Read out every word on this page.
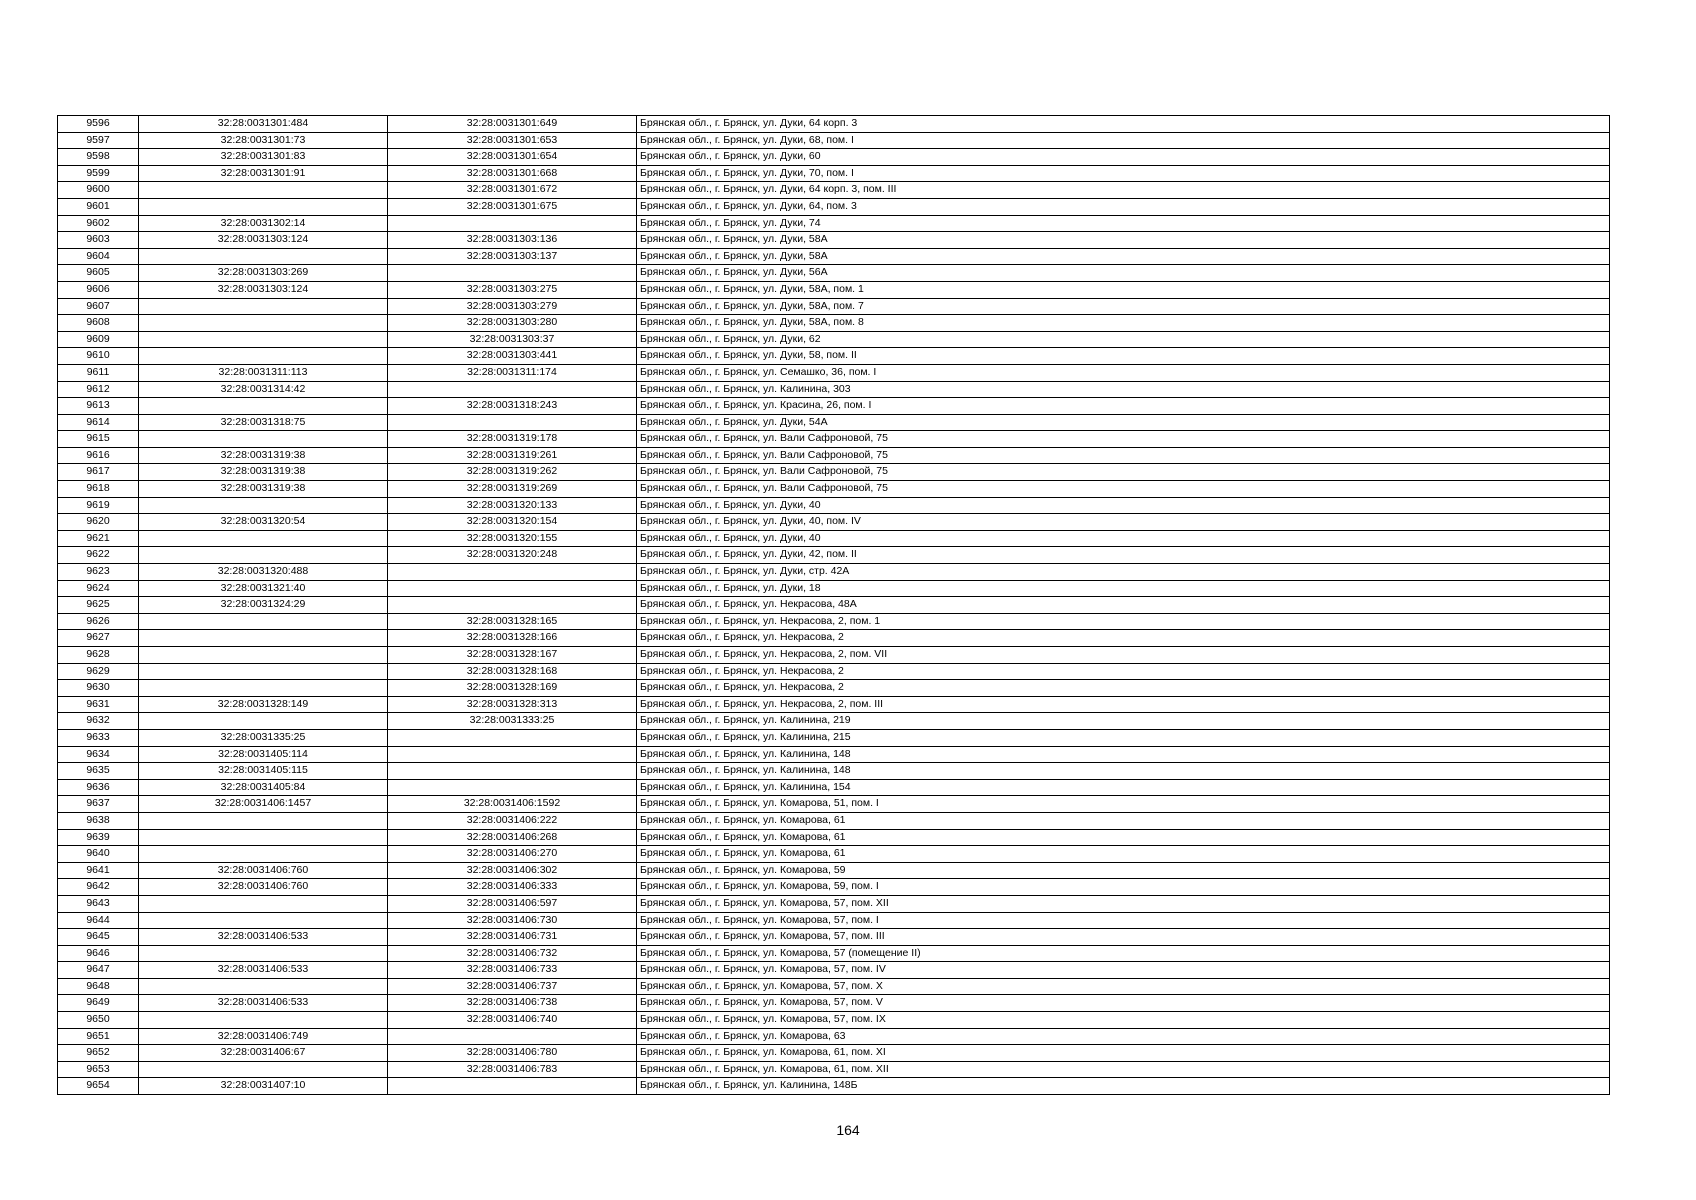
9596	32:28:0031301:484	32:28:0031301:649	Брянская обл., г. Брянск, ул. Дуки, 64 корп. 3
9597	32:28:0031301:73	32:28:0031301:653	Брянская обл., г. Брянск, ул. Дуки, 68, пом. I
9598	32:28:0031301:83	32:28:0031301:654	Брянская обл., г. Брянск, ул. Дуки, 60
9599	32:28:0031301:91	32:28:0031301:668	Брянская обл., г. Брянск, ул. Дуки, 70, пом. I
9600		32:28:0031301:672	Брянская обл., г. Брянск, ул. Дуки, 64 корп. 3, пом. III
9601		32:28:0031301:675	Брянская обл., г. Брянск, ул. Дуки, 64, пом. 3
9602	32:28:0031302:14		Брянская обл., г. Брянск, ул. Дуки, 74
9603	32:28:0031303:124	32:28:0031303:136	Брянская обл., г. Брянск, ул. Дуки, 58А
9604		32:28:0031303:137	Брянская обл., г. Брянск, ул. Дуки, 58А
9605	32:28:0031303:269		Брянская обл., г. Брянск, ул. Дуки, 56А
9606	32:28:0031303:124	32:28:0031303:275	Брянская обл., г. Брянск, ул. Дуки, 58А, пом. 1
9607		32:28:0031303:279	Брянская обл., г. Брянск, ул. Дуки, 58А, пом. 7
9608		32:28:0031303:280	Брянская обл., г. Брянск, ул. Дуки, 58А, пом. 8
9609		32:28:0031303:37	Брянская обл., г. Брянск, ул. Дуки, 62
9610		32:28:0031303:441	Брянская обл., г. Брянск, ул. Дуки, 58, пом. II
9611	32:28:0031311:113	32:28:0031311:174	Брянская обл., г. Брянск, ул. Семашко, 36, пом. I
9612	32:28:0031314:42		Брянская обл., г. Брянск, ул. Калинина, 303
9613		32:28:0031318:243	Брянская обл., г. Брянск, ул. Красина, 26, пом. I
9614	32:28:0031318:75		Брянская обл., г. Брянск, ул. Дуки, 54А
9615		32:28:0031319:178	Брянская обл., г. Брянск, ул. Вали Сафроновой, 75
9616	32:28:0031319:38	32:28:0031319:261	Брянская обл., г. Брянск, ул. Вали Сафроновой, 75
9617	32:28:0031319:38	32:28:0031319:262	Брянская обл., г. Брянск, ул. Вали Сафроновой, 75
9618	32:28:0031319:38	32:28:0031319:269	Брянская обл., г. Брянск, ул. Вали Сафроновой, 75
9619		32:28:0031320:133	Брянская обл., г. Брянск, ул. Дуки, 40
9620	32:28:0031320:54	32:28:0031320:154	Брянская обл., г. Брянск, ул. Дуки, 40, пом. IV
9621		32:28:0031320:155	Брянская обл., г. Брянск, ул. Дуки, 40
9622		32:28:0031320:248	Брянская обл., г. Брянск, ул. Дуки, 42, пом. II
9623	32:28:0031320:488		Брянская обл., г. Брянск, ул. Дуки, стр. 42А
9624	32:28:0031321:40		Брянская обл., г. Брянск, ул. Дуки, 18
9625	32:28:0031324:29		Брянская обл., г. Брянск, ул. Некрасова, 48А
9626		32:28:0031328:165	Брянская обл., г. Брянск, ул. Некрасова, 2, пом. 1
9627		32:28:0031328:166	Брянская обл., г. Брянск, ул. Некрасова, 2
9628		32:28:0031328:167	Брянская обл., г. Брянск, ул. Некрасова, 2, пом. VII
9629		32:28:0031328:168	Брянская обл., г. Брянск, ул. Некрасова, 2
9630		32:28:0031328:169	Брянская обл., г. Брянск, ул. Некрасова, 2
9631	32:28:0031328:149	32:28:0031328:313	Брянская обл., г. Брянск, ул. Некрасова, 2, пом. III
9632		32:28:0031333:25	Брянская обл., г. Брянск, ул. Калинина, 219
9633	32:28:0031335:25		Брянская обл., г. Брянск, ул. Калинина, 215
9634	32:28:0031405:114		Брянская обл., г. Брянск, ул. Калинина, 148
9635	32:28:0031405:115		Брянская обл., г. Брянск, ул. Калинина, 148
9636	32:28:0031405:84		Брянская обл., г. Брянск, ул. Калинина, 154
9637	32:28:0031406:1457	32:28:0031406:1592	Брянская обл., г. Брянск, ул. Комарова, 51, пом. I
9638		32:28:0031406:222	Брянская обл., г. Брянск, ул. Комарова, 61
9639		32:28:0031406:268	Брянская обл., г. Брянск, ул. Комарова, 61
9640		32:28:0031406:270	Брянская обл., г. Брянск, ул. Комарова, 61
9641	32:28:0031406:760	32:28:0031406:302	Брянская обл., г. Брянск, ул. Комарова, 59
9642	32:28:0031406:760	32:28:0031406:333	Брянская обл., г. Брянск, ул. Комарова, 59, пом. I
9643		32:28:0031406:597	Брянская обл., г. Брянск, ул. Комарова, 57, пом. XII
9644		32:28:0031406:730	Брянская обл., г. Брянск, ул. Комарова, 57, пом. I
9645	32:28:0031406:533	32:28:0031406:731	Брянская обл., г. Брянск, ул. Комарова, 57, пом. III
9646		32:28:0031406:732	Брянская обл., г. Брянск, ул. Комарова, 57 (помещение II)
9647	32:28:0031406:533	32:28:0031406:733	Брянская обл., г. Брянск, ул. Комарова, 57, пом. IV
9648		32:28:0031406:737	Брянская обл., г. Брянск, ул. Комарова, 57, пом. X
9649	32:28:0031406:533	32:28:0031406:738	Брянская обл., г. Брянск, ул. Комарова, 57, пом. V
9650		32:28:0031406:740	Брянская обл., г. Брянск, ул. Комарова, 57, пом. IX
9651	32:28:0031406:749		Брянская обл., г. Брянск, ул. Комарова, 63
9652	32:28:0031406:67	32:28:0031406:780	Брянская обл., г. Брянск, ул. Комарова, 61, пом. XI
9653		32:28:0031406:783	Брянская обл., г. Брянск, ул. Комарова, 61, пом. XII
9654	32:28:0031407:10		Брянская обл., г. Брянск, ул. Калинина, 148Б
164
